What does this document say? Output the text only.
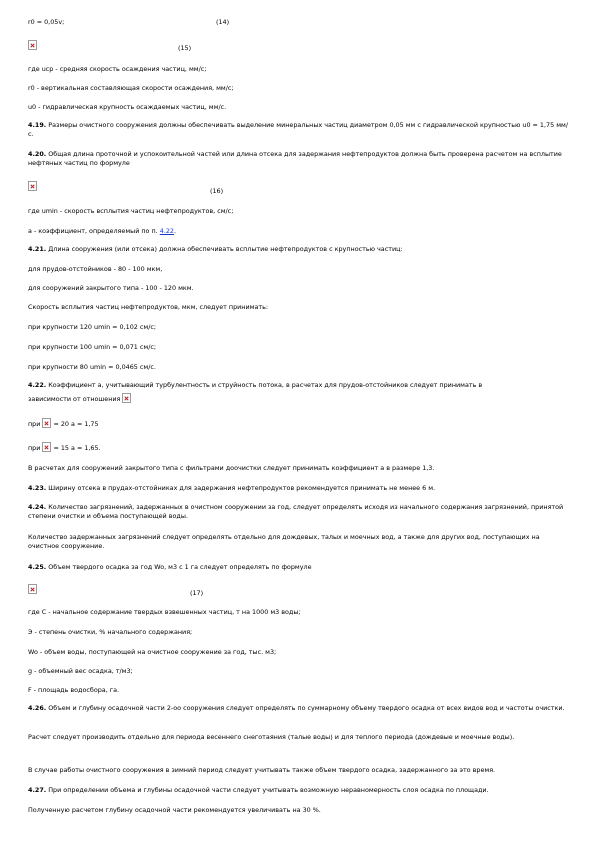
r0 = 0,05v;	(14)
(15)
где uср - средняя скорость осаждения частиц, мм/с;
r0 - вертикальная составляющая скорости осаждения, мм/с;
u0 - гидравлическая крупность осаждаемых частиц, мм/с.
4.19. Размеры очистного сооружения должны обеспечивать выделение минеральных частиц диаметром 0,05 мм с гидравлической крупностью u0 = 1,75 мм/с.
4.20. Общая длина проточной и успокоительной частей или длина отсека для задержания нефтепродуктов должна быть проверена расчетом на всплытие нефтяных частиц по формуле
(16)
где umin - скорость всплытия частиц нефтепродуктов, см/с;
a - коэффициент, определяемый по п. 4.22.
4.21. Длина сооружения (или отсека) должна обеспечивать всплытие нефтепродуктов с крупностью частиц:
для прудов-отстойников - 80 - 100 мкм,
для сооружений закрытого типа - 100 - 120 мкм.
Скорость всплытия частиц нефтепродуктов, мкм, следует принимать:
при крупности 120 umin = 0,102 см/с;
при крупности 100 umin = 0,071 см/с;
при крупности 80 umin = 0,0465 см/с.
4.22. Коэффициент a, учитывающий турбулентность и струйность потока, в расчетах для прудов-отстойников следует принимать в
зависимости от отношения
при  = 20 a = 1,75
при  = 15 a = 1,65.
В расчетах для сооружений закрытого типа с фильтрами доочистки следует принимать коэффициент a в размере 1,3.
4.23. Ширину отсека в прудах-отстойниках для задержания нефтепродуктов рекомендуется принимать не менее 6 м.
4.24. Количество загрязнений, задержанных в очистном сооружении за год, следует определять исходя из начального содержания загрязнений, принятой степени очистки и объема поступающей воды.
Количество задержанных загрязнений следует определять отдельно для дождевых, талых и моечных вод, а также для других вод, поступающих на очистное сооружение.
4.25. Объем твердого осадка за год Wo, м3 с 1 га следует определять по формуле
(17)
где C - начальное содержание твердых взвешенных частиц, т на 1000 м3 воды;
Э - степень очистки, % начального содержания;
Wo - объем воды, поступающей на очистное сооружение за год, тыс. м3;
g - объемный вес осадка, т/м3;
F - площадь водосбора, га.
4.26. Объем и глубину осадочной части 2-оо сооружения следует определять по суммарному объему твердого осадка от всех видов вод и частоты очистки.
Расчет следует производить отдельно для периода весеннего снеготаяния (талые воды) и для теплого периода (дождевые и моечные воды).
В случае работы очистного сооружения в зимний период следует учитывать также объем твердого осадка, задержанного за это время.
4.27. При определении объема и глубины осадочной части следует учитывать возможную неравномерность слоя осадка по площади.
Полученную расчетом глубину осадочной части рекомендуется увеличивать на 30 %.
